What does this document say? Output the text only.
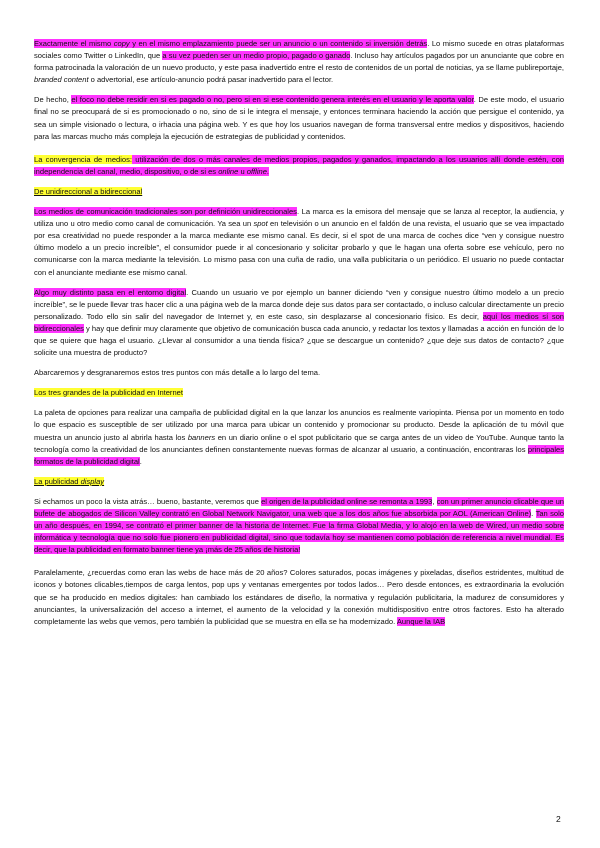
Exactamente el mismo copy y en el mismo emplazamiento puede ser un anuncio o un contenido si inversión detrás. Lo mismo sucede en otras plataformas sociales como Twitter o LinkedIn, que a su vez pueden ser un medio propio, pagado o ganado. Incluso hay artículos pagados por un anunciante que cobre en forma patrocinada la valoración de un nuevo producto, y este pasa inadvertido entre el resto de contenidos de un portal de noticias, ya se llame publireportaje, branded content o advertorial, ese artículo-anuncio podrá pasar inadvertido para el lector.

De hecho, el foco no debe residir en si es pagado o no, pero si en si ese contenido genera interés en el usuario y le aporta valor. De este modo, el usuario final no se preocupará de si es promocionado o no, sino de si le integra el mensaje, y entonces terminara haciendo la acción que persigue el contenido, ya sea un simple visionado o lectura, o irhacia una página web. Y es que hoy los usuarios navegan de forma transversal entre medios y dispositivos, haciendo para las marcas mucho más compleja la ejecución de estrategias de publicidad y contenidos.

La convergencia de medios: utilización de dos o más canales de medios propios, pagados y ganados, impactando a los usuarios allí donde estén, con independencia del canal, medio, dispositivo, o de si es online u offline.

De unidireccional a bidireccional

Los medios de comunicación tradicionales son por definición unidireccionales. La marca es la emisora del mensaje que se lanza al receptor, la audiencia, y utiliza uno u otro medio como canal de comunicación. Ya sea un spot en televisión o un anuncio en el faldón de una revista, el usuario que se vea impactado por esa creatividad no puede responder a la marca mediante ese mismo canal. Es decir, si el spot de una marca de coches dice “ven y consigue nuestro último modelo a un precio increíble”, el consumidor puede ir al concesionario y solicitar probarlo y que le hagan una oferta sobre ese vehículo, pero no comunicarse con la marca mediante la televisión. Lo mismo pasa con una cuña de radio, una valla publicitaria o un periódico. El usuario no puede contactar con el anunciante mediante ese mismo canal.

Algo muy distinto pasa en el entorno digital. Cuando un usuario ve por ejemplo un banner diciendo “ven y consigue nuestro último modelo a un precio increíble”, se le puede llevar tras hacer clic a una página web de la marca donde deje sus datos para ser contactado, o incluso calcular directamente un precio personalizado. Todo ello sin salir del navegador de Internet y, en este caso, sin desplazarse al concesionario físico. Es decir, aquí los medios sí son bidireccionales y hay que definir muy claramente que objetivo de comunicación busca cada anuncio, y redactar los textos y llamadas a acción en función de lo que se quiere que haga el usuario. ¿Llevar al consumidor a una tienda física? ¿que se descargue un contenido? ¿que deje sus datos de contacto? ¿que solicite una muestra de producto?

Abarcaremos y desgranaremos estos tres puntos con más detalle a lo largo del tema.

Los tres grandes de la publicidad en Internet

La paleta de opciones para realizar una campaña de publicidad digital en la que lanzar los anuncios es realmente variopinta. Piensa por un momento en todo lo que espacio es susceptible de ser utilizado por una marca para ubicar un contenido y promocionar su producto. Desde la aplicación de tu móvil que muestra un anuncio justo al abrirla hasta los banners en un diario online o el spot publicitario que se carga antes de un video de YouTube. Aunque tanto la tecnología como la creatividad de los anunciantes definen constantemente nuevas formas de alcanzar al usuario, a continuación, encontraras los principales formatos de la publicidad digital.

La publicidad display

Si echamos un poco la vista atrás… bueno, bastante, veremos que el origen de la publicidad online se remonta a 1993, con un primer anuncio clicable que un bufete de abogados de Silicon Valley contrató en Global Network Navigator, una web que a los dos años fue absorbida por AOL (American Online). Tan solo un año después, en 1994, se contrató el primer banner de la historia de Internet. Fue la firma Global Media, y lo alojó en la web de Wired, un medio sobre informática y tecnología que no solo fue pionero en publicidad digital, sino que todavía hoy se mantienen como población de referencia a nivel mundial. Es decir, que la publicidad en formato banner tiene ya ¡más de 25 años de historia!

Paralelamente, ¿recuerdas como eran las webs de hace más de 20 años? Colores saturados, pocas imágenes y pixeladas, diseños estridentes, multitud de iconos y botones clicables,tiempos de carga lentos, pop ups y ventanas emergentes por todos lados… Pero desde entonces, es extraordinaria la evolución que se ha producido en medios digitales: han cambiado los estándares de diseño, la normativa y regulación publicitaria, la madurez de consumidores y anunciantes, la universalización del acceso a internet, el aumento de la velocidad y la conexión multidispositivo entre otros factores. Esto ha alterado completamente las webs que vemos, pero también la publicidad que se muestra en ella se ha modernizado. Aunque la IAB

2
